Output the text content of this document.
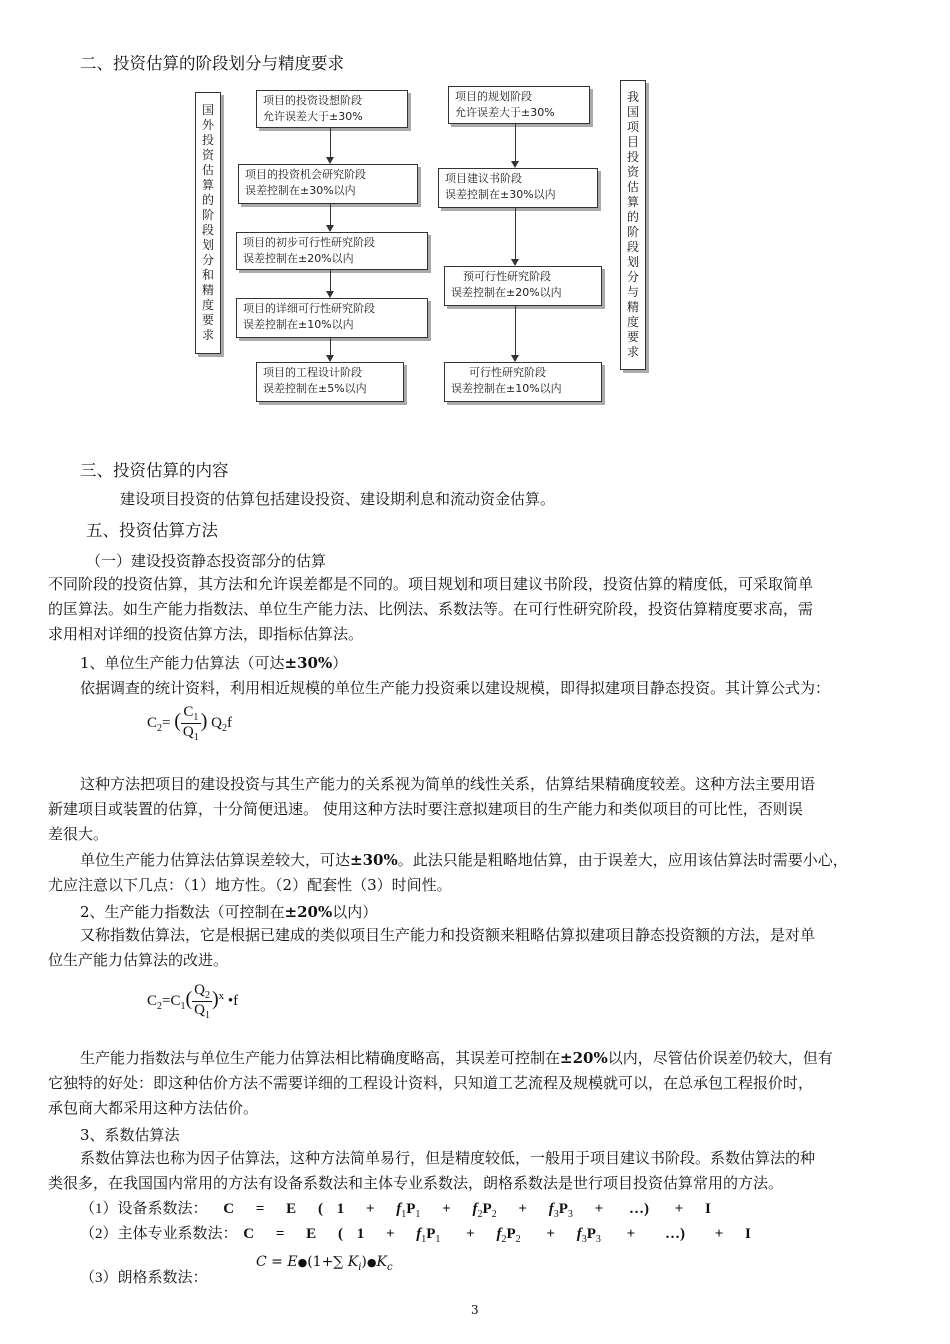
二、投资估算的阶段划分与精度要求
国
外
投
资
估
算
的
阶
段
划
分
和
精
度
要
求
我
国
项
目
投
资
估
算
的
阶
段
划
分
与
精
度
要
求
项目的投资设想阶段
允许误差大于±30%
项目的投资机会研究阶段
误差控制在±30%以内
项目的初步可行性研究阶段
误差控制在±20%以内
项目的详细可行性研究阶段
误差控制在±10%以内
项目的工程设计阶段
误差控制在±5%以内
项目的规划阶段
允许误差大于±30%
项目建议书阶段
误差控制在±30%以内
预可行性研究阶段
误差控制在±20%以内
可行性研究阶段
误差控制在±10%以内
三、投资估算的内容
建设项目投资的估算包括建设投资、建设期利息和流动资金估算。
五、投资估算方法
（一）建设投资静态投资部分的估算
不同阶段的投资估算，其方法和允许误差都是不同的。项目规划和项目建议书阶段，投资估算的精度低，可采取简单
的匡算法。如生产能力指数法、单位生产能力法、比例法、系数法等。在可行性研究阶段，投资估算精度要求高，需
求用相对详细的投资估算方法，即指标估算法。
1、单位生产能力估算法（可达±30%）
依据调查的统计资料，利用相近规模的单位生产能力投资乘以建设规模，即得拟建项目静态投资。其计算公式为：
$C_2=$ ( $\frac{C_1}{Q_1}$ ) $Q_2f$
这种方法把项目的建设投资与其生产能力的关系视为简单的线性关系，估算结果精确度较差。这种方法主要用语
新建项目或装置的估算，十分简便迅速。 使用这种方法时要注意拟建项目的生产能力和类似项目的可比性，否则误
差很大。
单位生产能力估算法估算误差较大，可达±30%。此法只能是粗略地估算，由于误差大，应用该估算法时需要小心，
尤应注意以下几点：（1）地方性。（2）配套性（3）时间性。
2、生产能力指数法（可控制在±20%以内）
又称指数估算法，它是根据已建成的类似项目生产能力和投资额来粗略估算拟建项目静态投资额的方法，是对单
位生产能力估算法的改进。
$C_2=C_1( \frac{Q_2}{Q_1} )^x$ •f
生产能力指数法与单位生产能力估算法相比精确度略高，其误差可控制在±20%以内，尽管估价误差仍较大，但有
它独特的好处：即这种估价方法不需要详细的工程设计资料，只知道工艺流程及规模就可以，在总承包工程报价时，
承包商大都采用这种方法估价。
3、系数估算法
系数估算法也称为因子估算法，这种方法简单易行，但是精度较低，一般用于项目建议书阶段。系数估算法的种
类很多，在我国国内常用的方法有设备系数法和主体专业系数法，朗格系数法是世行项目投资估算常用的方法。
（1）设备系数法： C = E ( $1 + f_1P_1 + f_2P_2 + f_3P_3$ + …) + I
（2）主体专业系数法： C = E ( $1 + f_1P_1 + f_2P_2 + f_3P_3$ + …) + I
（3）朗格系数法：
C = E●(1+∑ $K_i)●K_c$
3
